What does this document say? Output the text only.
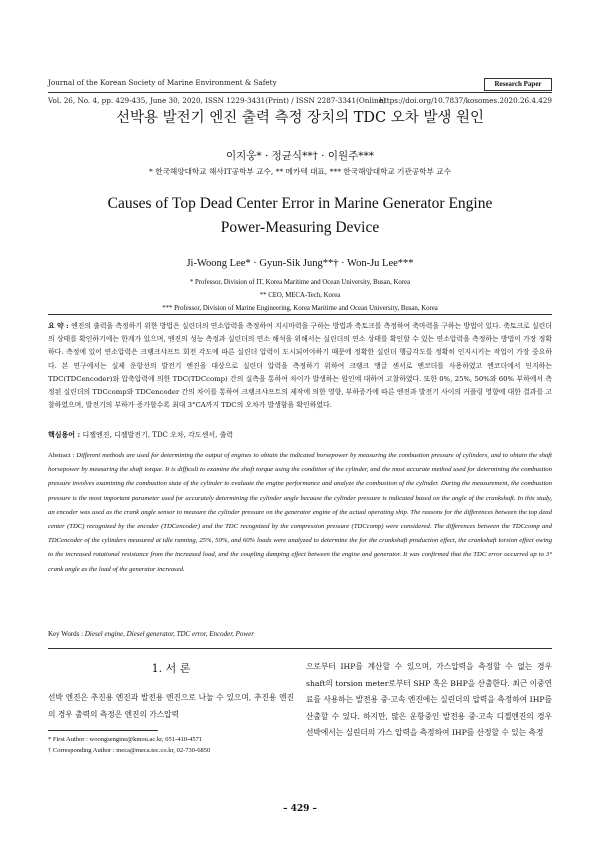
Journal of the Korean Society of Marine Environment & Safety	Research Paper
Vol. 26, No. 4, pp. 429-435, June 30, 2020, ISSN 1229-3431(Print) / ISSN 2287-3341(Online)
https://doi.org/10.7837/kosomes.2020.26.4.429
선박용 발전기 엔진 출력 측정 장치의 TDC 오차 발생 원인
이지웅* · 정균식**† · 이원주***
* 한국해양대학교 해사IT공학부 교수, ** 메카텍 대표, *** 한국해양대학교 기관공학부 교수
Causes of Top Dead Center Error in Marine Generator Engine
Power-Measuring Device
Ji-Woong Lee* · Gyun-Sik Jung**† · Won-Ju Lee***
* Professor, Division of IT, Korea Maritime and Ocean University, Busan, Korea
** CEO, MECA-Tech, Korea
*** Professor, Division of Marine Engineering, Korea Maritime and Ocean University, Busan, Korea
요 약 : 엔진의 출력을 측정하기 위한 방법은 실린더의 연소압력을 측정하여 지시마력을 구하는 방법과 축토크를 측정하여 축마력을 구하는 방법이 있다. 축토크로 실린더의 상태를 확인하기에는 한계가 있으며, 엔진의 성능 측정과 실린더의 연소 해석을 위해서는 실린더의 연소 상태를 확인할 수 있는 연소압력을 측정하는 방법이 가장 정확하다. 측정에 있어 연소압력은 크랭크샤프트 회전 각도에 따른 실린더 압력이 도시되어야하기 때문에 정확한 실린더 행급각도를 정확히 인지시키는 작업이 가장 중요하다. 본 연구에서는 실제 운항선의 발전기 엔진을 대상으로 실린더 압력을 측정하기 위하여 크랭크 앵글 센서로 엔코더를 사용하였고 엔코더에서 인지하는 TDC(TDCencoder)와 압축압력에 의한 TDC(TDCcomp) 간의 실측을 통하여 차이가 발생하는 원인에 대하여 고찰하였다. 또한 0%, 25%, 50%와 60% 부하에서 측정된 실린더의 TDCcomp와 TDCencoder 간의 차이를 통하여 크랭크샤프트의 제작에 의한 영향, 부하증가에 따른 엔진과 발전기 사이의 커플링 영향에 대한 결과를 고찰하였으며, 발전기의 부하가 증가할수록 최대 3°CA까지 TDC의 오차가 발생함을 확인하였다.
핵심용어 : 디젤엔진, 디젤발전기, TDC 오차, 각도센서, 출력
Abstract : Different methods are used for determining the output of engines to obtain the indicated horsepower by measuring the combustion pressure of cylinders, and to obtain the shaft horsepower by measuring the shaft torque. It is difficult to examine the shaft torque using the condition of the cylinder, and the most accurate method used for determining the combustion pressure involves examining the combustion state of the cylinder to evaluate the engine performance and analyze the combustion of the cylinder. During the measurement, the combustion pressure is the most important parameter used for accurately determining the cylinder angle because the cylinder pressure is indicated based on the angle of the crankshaft. In this study, an encoder was used as the crank angle sensor to measure the cylinder pressure on the generator engine of the actual operating ship. The reasons for the differences between the top dead center (TDC) recognized by the encoder (TDCencoder) and the TDC recognized by the compression pressure (TDCcomp) were considered. The differences between the TDCcomp and TDCencoder of the cylinders measured at idle running, 25%, 50%, and 60% loads were analyzed to determine the for the crankshaft production effect, the crankshaft torsion effect owing to the increased rotational resistance from the increased load, and the coupling damping effect between the engine and generator. It was confirmed that the TDC error occurred up to 3° crank angle as the load of the generator increased.
Key Words : Diesel engine, Diesel generator, TDC error, Encoder, Power
1. 서 론
선박 엔진은 추진용 엔진과 발전용 엔진으로 나눌 수 있으며, 추진용 엔진의 경우 출력의 측정은 엔진의 가스압력
* First Author : woongsengine@kmou.ac.kr, 051-410-4571
† Corresponding Author : meca@meca.tec.co.kr, 02-730-6850
으로부터 IHP를 계산할 수 있으며, 가스압력을 측정할 수 없는 경우 shaft의 torsion meter로부터 SHP 혹은 BHP을 산출한다. 최근 이중연료를 사용하는 발전용 중·고속 엔진에는 실린더의 압력을 측정하여 IHP를 산출할 수 있다. 하지만, 많은 운항중인 발전용 중·고속 디젤엔진의 경우 선박에서는 실린더의 가스 압력을 측정하여 IHP를 산정할 수 있는 측정
– 429 –
